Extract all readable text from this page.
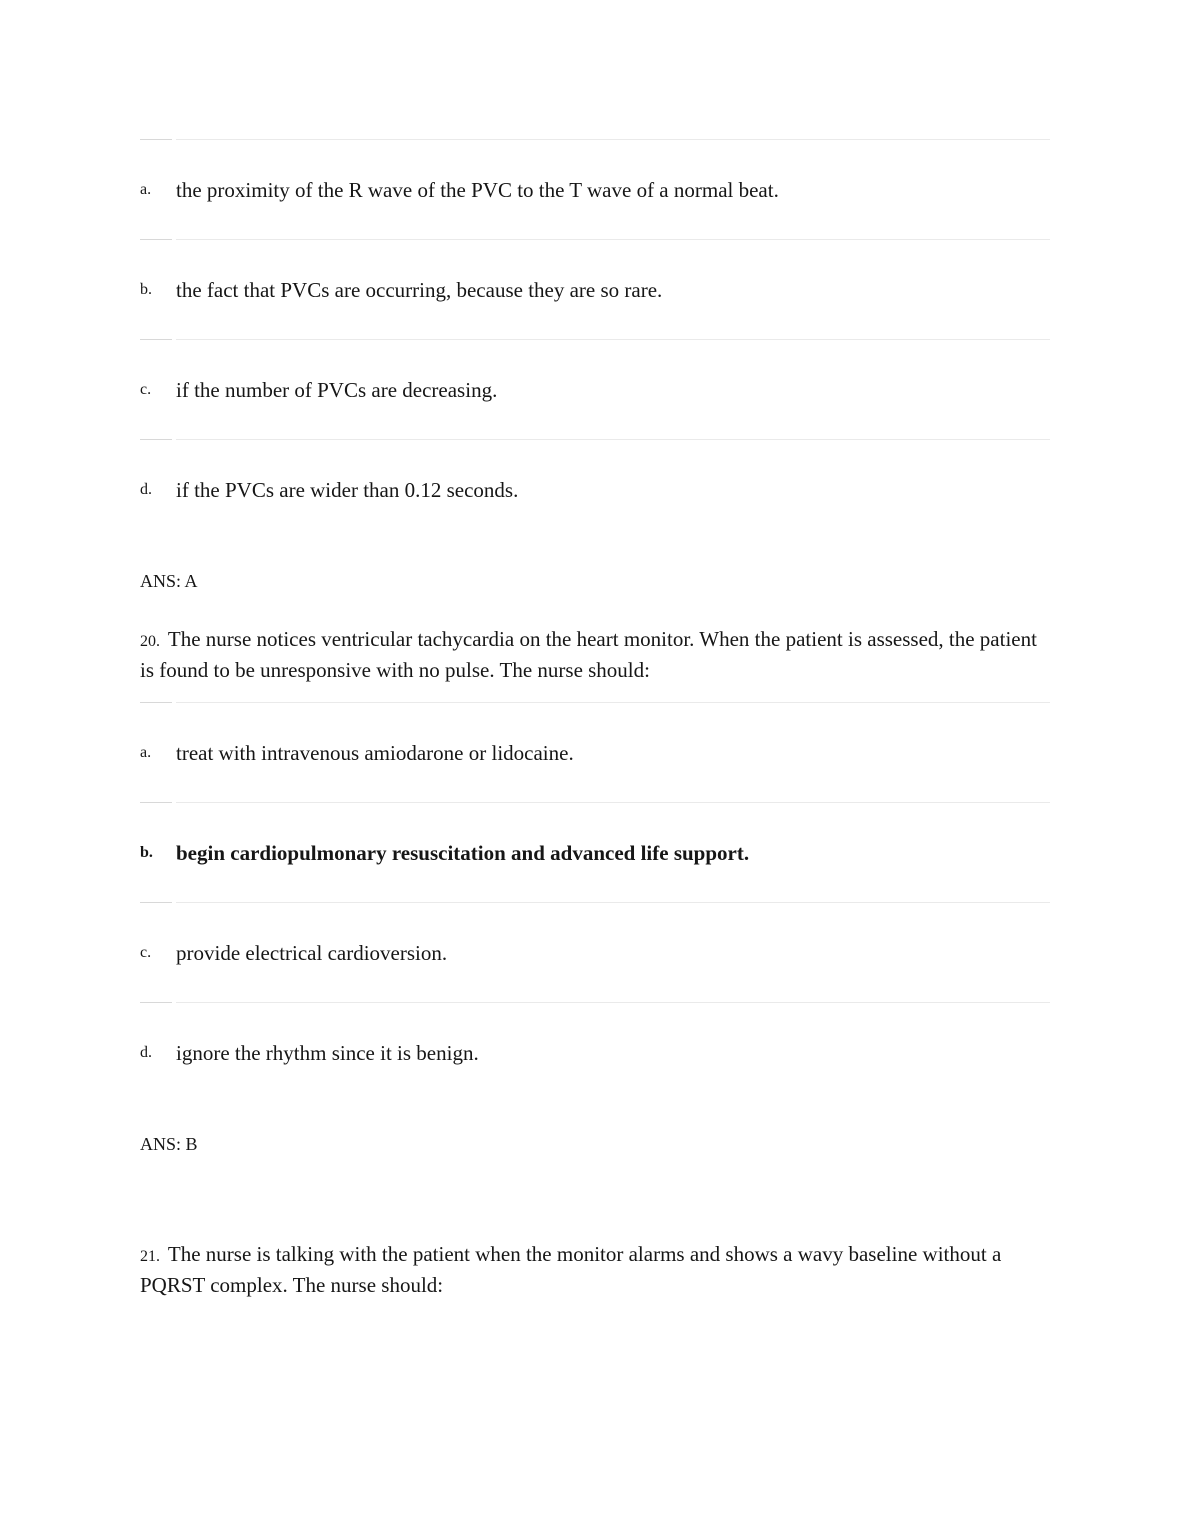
a.	the proximity of the R wave of the PVC to the T wave of a normal beat.
b.	the fact that PVCs are occurring, because they are so rare.
c.	if the number of PVCs are decreasing.
d.	if the PVCs are wider than 0.12 seconds.

ANS: A

20. The nurse notices ventricular tachycardia on the heart monitor. When the patient is assessed, the patient is found to be unresponsive with no pulse. The nurse should:

a.	treat with intravenous amiodarone or lidocaine.
b.	begin cardiopulmonary resuscitation and advanced life support.
c.	provide electrical cardioversion.
d.	ignore the rhythm since it is benign.

ANS: B

21. The nurse is talking with the patient when the monitor alarms and shows a wavy baseline without a PQRST complex. The nurse should:
